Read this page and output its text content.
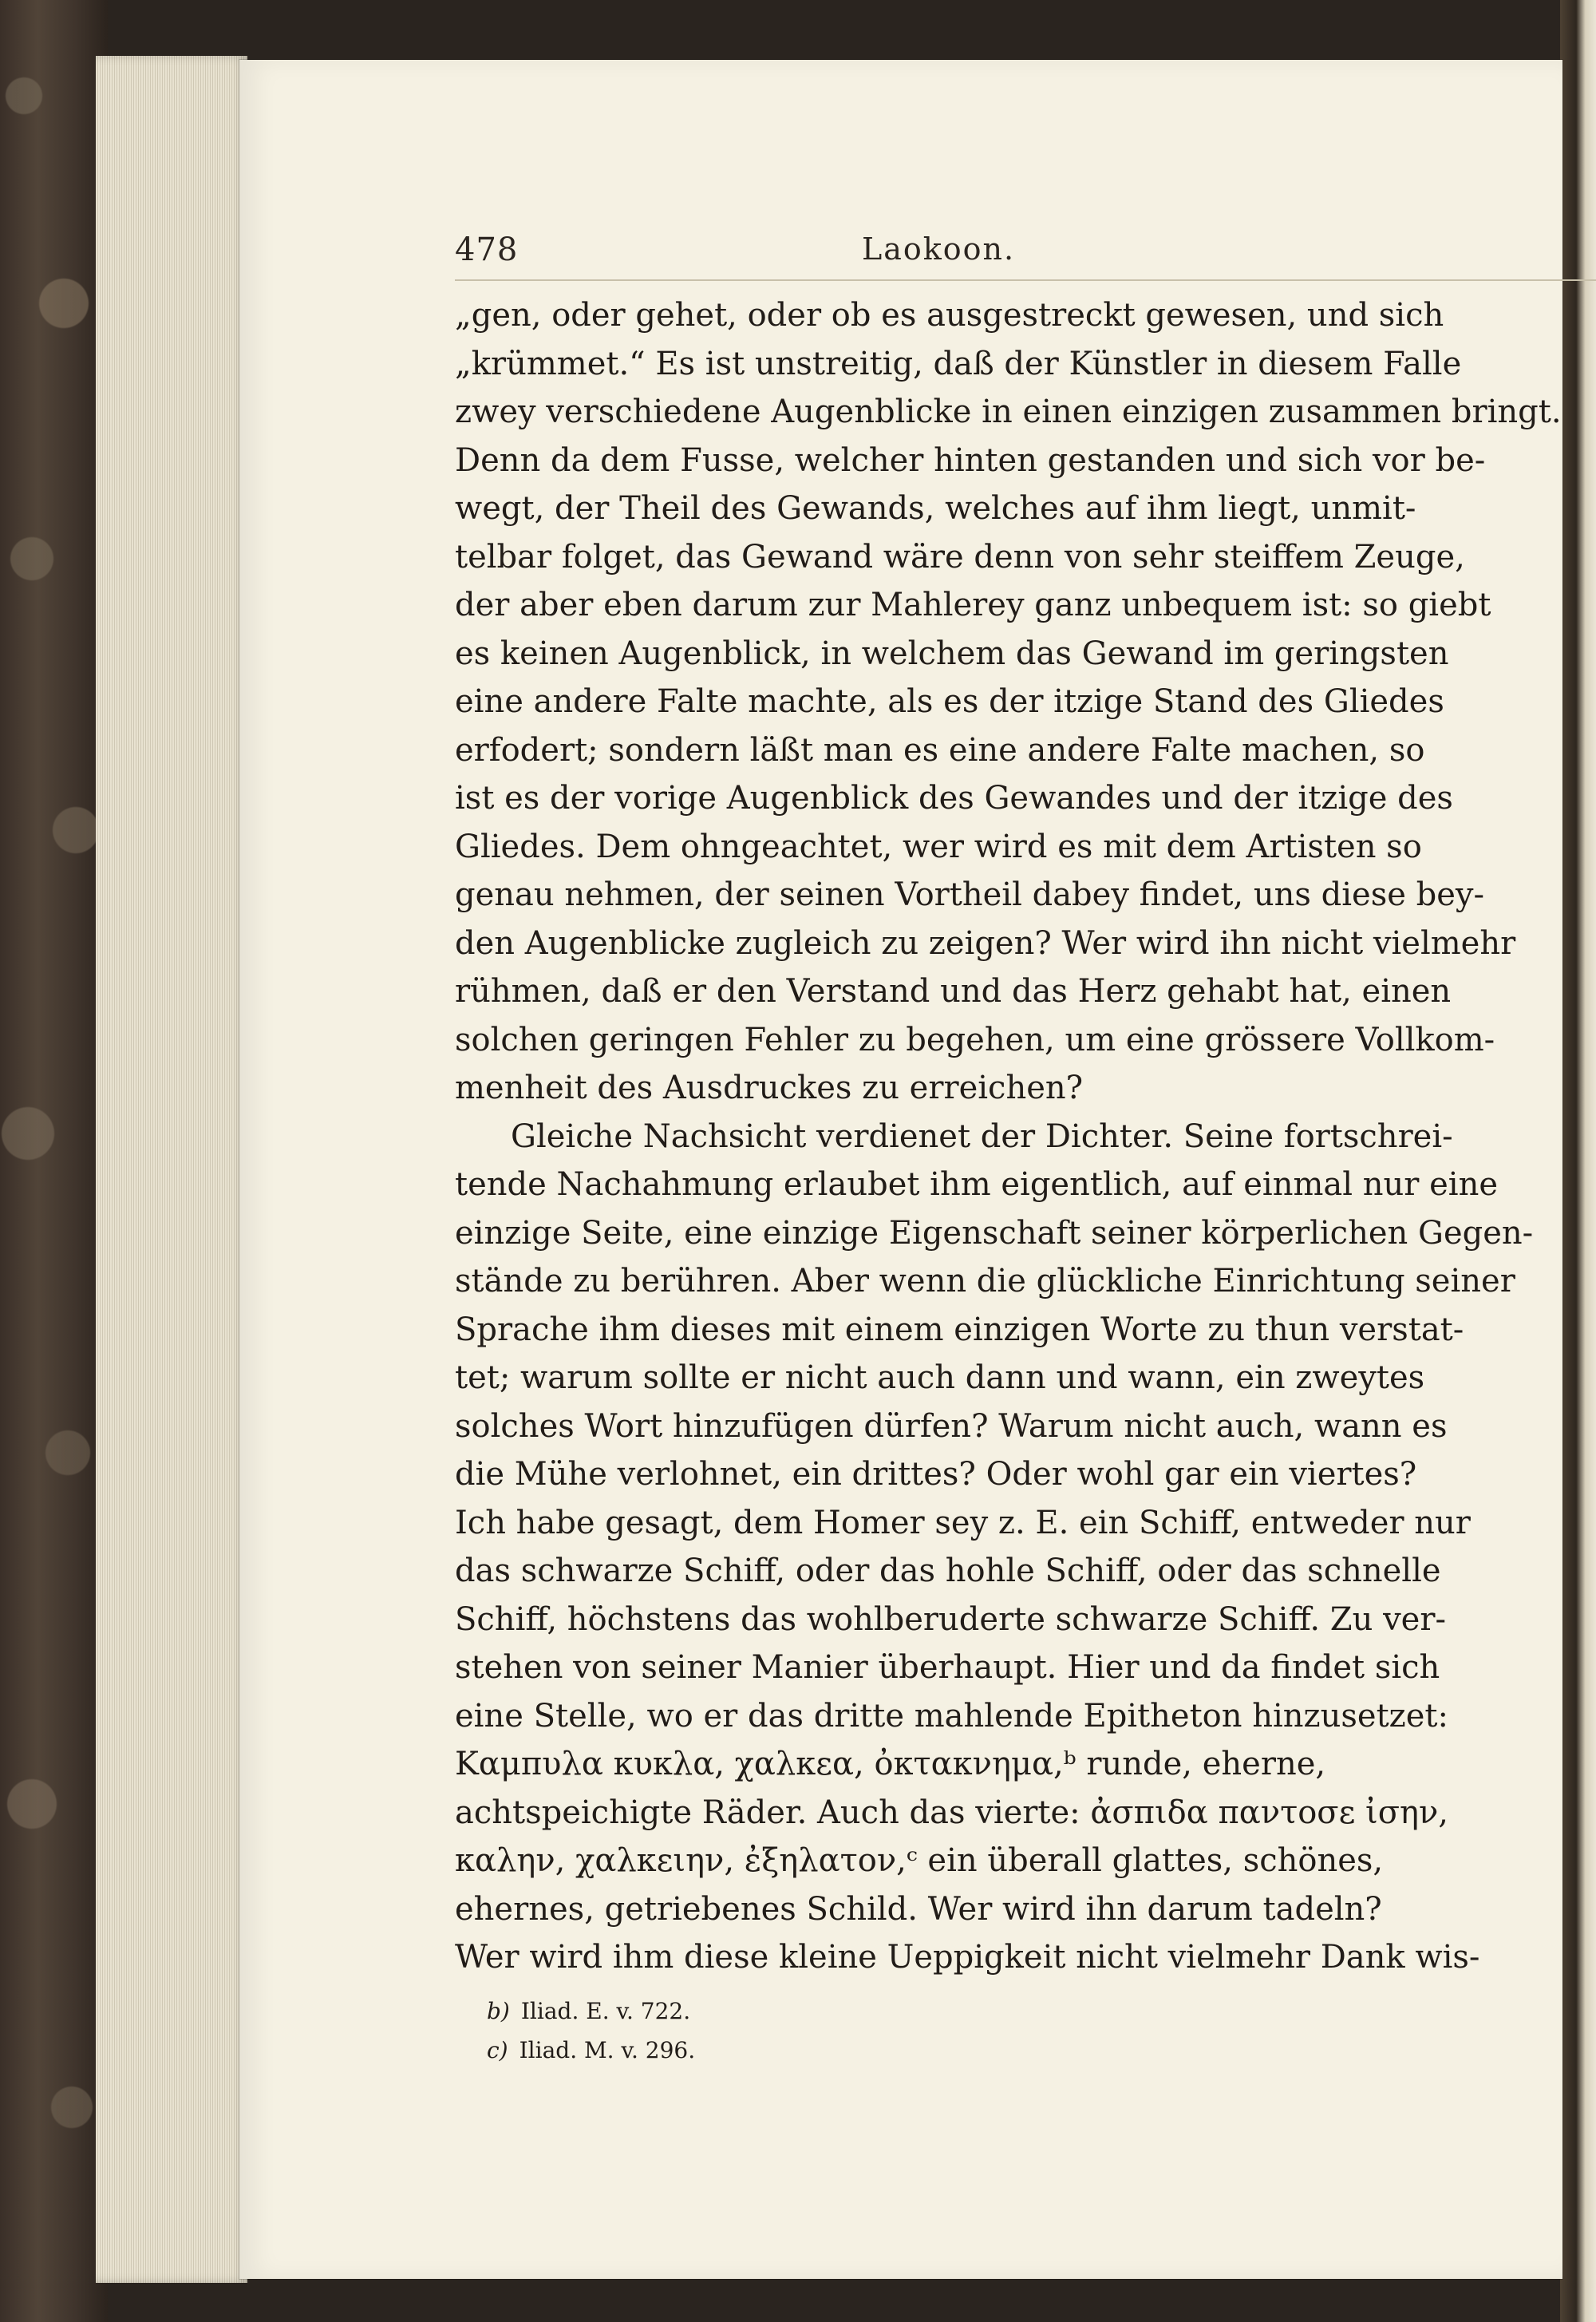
478	Laokoon.
„gen, oder gehet, oder ob es ausgestreckt gewesen, und sich
„krümmet.“ Es ist unstreitig, daß der Künstler in diesem Falle
zwey verschiedene Augenblicke in einen einzigen zusammen bringt.
Denn da dem Fusse, welcher hinten gestanden und sich vor be-
wegt, der Theil des Gewands, welches auf ihm liegt, unmit-
telbar folget, das Gewand wäre denn von sehr steiffem Zeuge,
der aber eben darum zur Mahlerey ganz unbequem ist: so giebt
es keinen Augenblick, in welchem das Gewand im geringsten
eine andere Falte machte, als es der itzige Stand des Gliedes
erfodert; sondern läßt man es eine andere Falte machen, so
ist es der vorige Augenblick des Gewandes und der itzige des
Gliedes. Dem ohngeachtet, wer wird es mit dem Artisten so
genau nehmen, der seinen Vortheil dabey findet, uns diese bey-
den Augenblicke zugleich zu zeigen? Wer wird ihn nicht vielmehr
rühmen, daß er den Verstand und das Herz gehabt hat, einen
solchen geringen Fehler zu begehen, um eine grössere Vollkom-
menheit des Ausdruckes zu erreichen?
Gleiche Nachsicht verdienet der Dichter. Seine fortschrei-
tende Nachahmung erlaubet ihm eigentlich, auf einmal nur eine
einzige Seite, eine einzige Eigenschaft seiner körperlichen Gegen-
stände zu berühren. Aber wenn die glückliche Einrichtung seiner
Sprache ihm dieses mit einem einzigen Worte zu thun verstat-
tet; warum sollte er nicht auch dann und wann, ein zweytes
solches Wort hinzufügen dürfen? Warum nicht auch, wann es
die Mühe verlohnet, ein drittes? Oder wohl gar ein viertes?
Ich habe gesagt, dem Homer sey z. E. ein Schiff, entweder nur
das schwarze Schiff, oder das hohle Schiff, oder das schnelle
Schiff, höchstens das wohlberuderte schwarze Schiff. Zu ver-
stehen von seiner Manier überhaupt. Hier und da findet sich
eine Stelle, wo er das dritte mahlende Epitheton hinzusetzet:
Καμπυλα κυκλα, χαλκεα, ὀκτακνημα,ᵇ runde, eherne,
achtspeichigte Räder. Auch das vierte: ἀσπιδα παντοσε ἰσην,
καλην, χαλκειην, ἐξηλατον,ᶜ ein überall glattes, schönes,
ehernes, getriebenes Schild. Wer wird ihn darum tadeln?
Wer wird ihm diese kleine Ueppigkeit nicht vielmehr Dank wis-
b) Iliad. E. v. 722.
c) Iliad. M. v. 296.
